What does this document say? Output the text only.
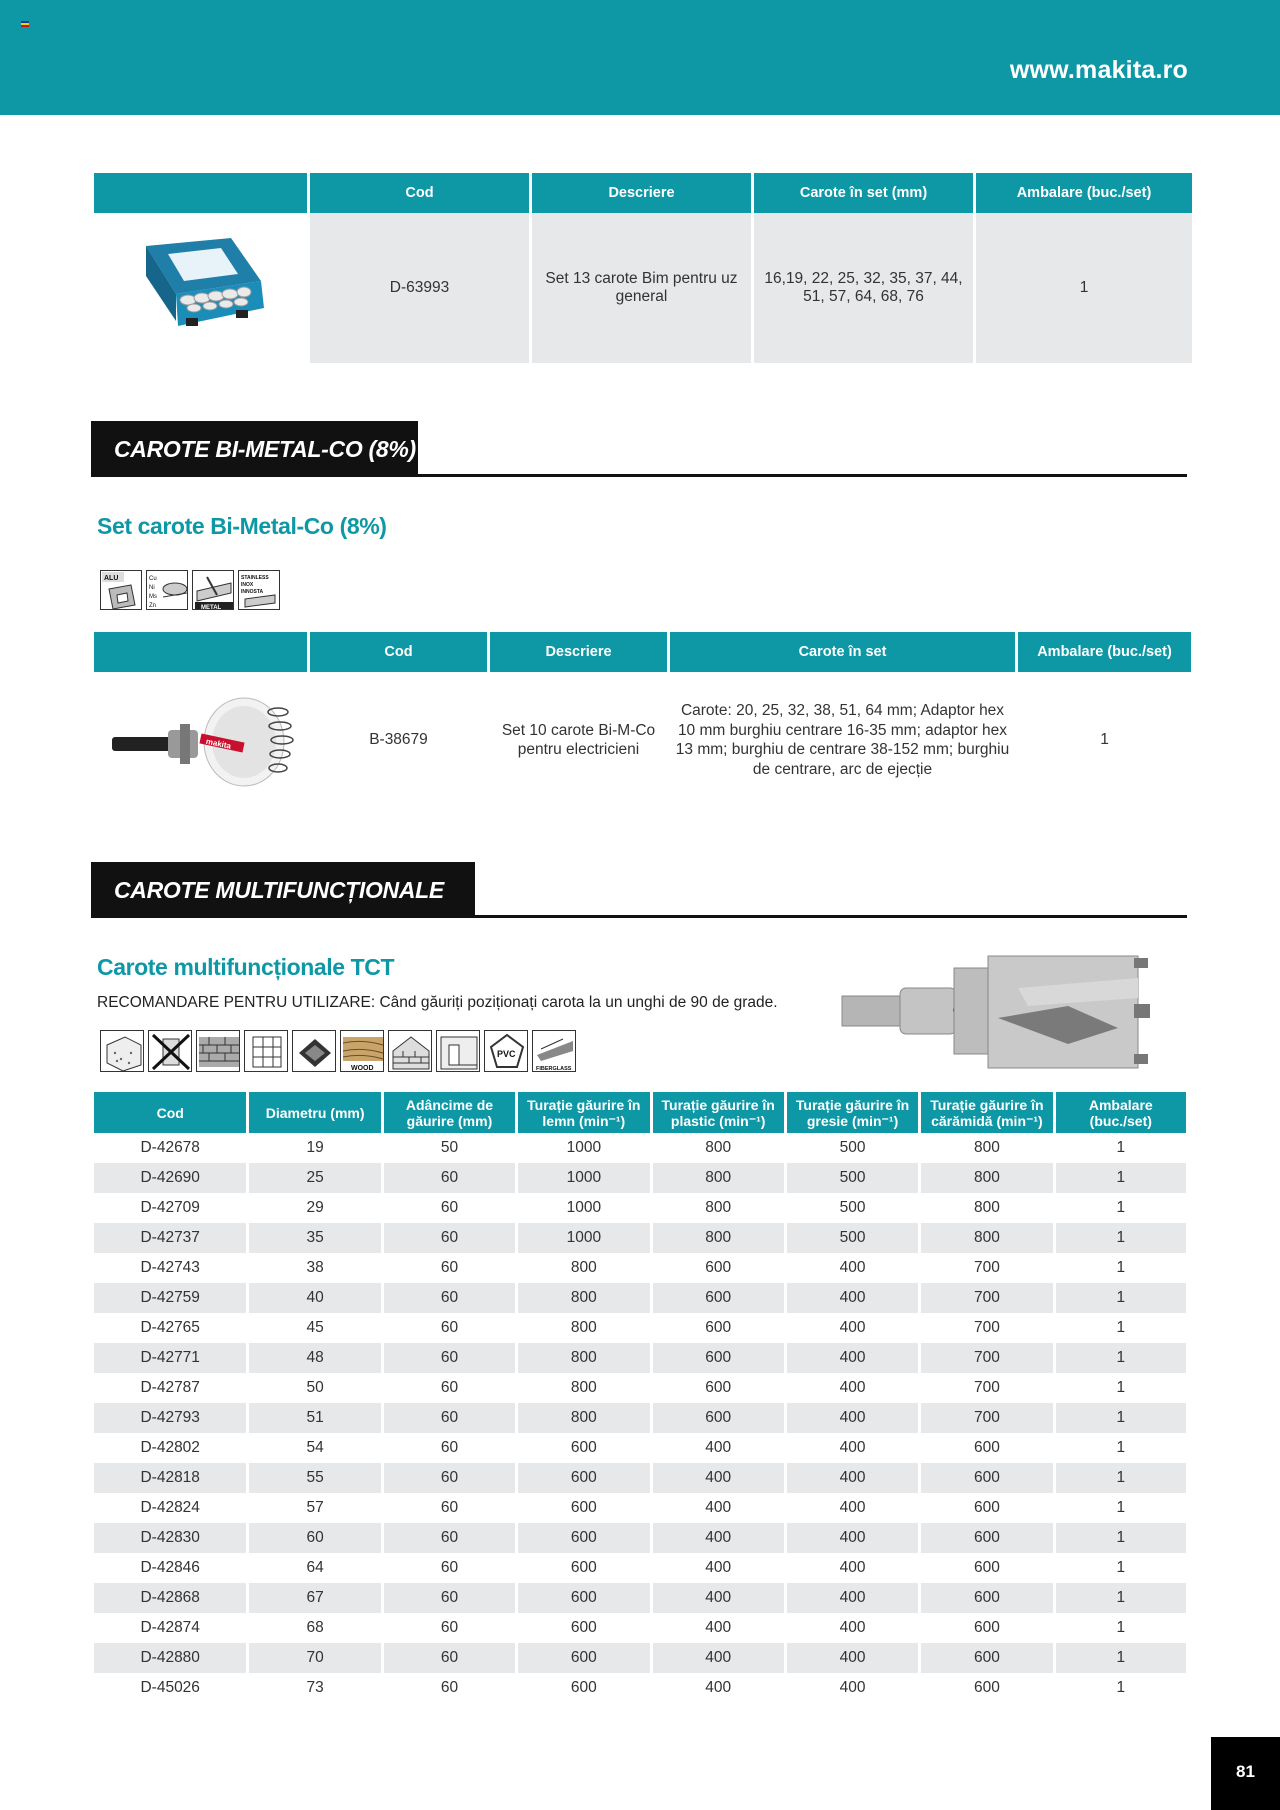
www.makita.ro
	Cod	Descriere	Carote în set (mm)	Ambalare (buc./set)
	D-63993	Set 13 carote Bim pentru uz general	16,19, 22, 25, 32, 35, 37, 44, 51, 57, 64, 68, 76	1
CAROTE BI-METAL-CO (8%)
Set carote Bi-Metal-Co (8%)
ALU	Cu
Ni
Ms
Zn	METAL
STAINLESS
INOX
INNOSTA
	Cod	Descriere	Carote în set	Ambalare (buc./set)

makita	B-38679	Set 10 carote Bi-M-Co pentru electricieni	Carote: 20, 25, 32, 38, 51, 64 mm; Adaptor hex 10 mm burghiu centrare 16-35 mm; adaptor hex 13 mm; burghiu de centrare 38-152 mm; burghiu de centrare, arc de ejecție	1
CAROTE MULTIFUNCȚIONALE TCT
Carote multifuncționale TCT
RECOMANDARE PENTRU UTILIZARE: Când găuriți poziționați carota la un unghi de 90 de grade.
WOOD
PVC
FIBERGLASS
Cod	Diametru (mm)	Adâncime de găurire (mm)	Turație găurire în lemn (min⁻¹)	Turație găurire în plastic (min⁻¹)	Turație găurire în gresie (min⁻¹)	Turație găurire în cărămidă (min⁻¹)	Ambalare (buc./set)
D-42678	19	50	1000	800	500	800	1
D-42690	25	60	1000	800	500	800	1
D-42709	29	60	1000	800	500	800	1
D-42737	35	60	1000	800	500	800	1
D-42743	38	60	800	600	400	700	1
D-42759	40	60	800	600	400	700	1
D-42765	45	60	800	600	400	700	1
D-42771	48	60	800	600	400	700	1
D-42787	50	60	800	600	400	700	1
D-42793	51	60	800	600	400	700	1
D-42802	54	60	600	400	400	600	1
D-42818	55	60	600	400	400	600	1
D-42824	57	60	600	400	400	600	1
D-42830	60	60	600	400	400	600	1
D-42846	64	60	600	400	400	600	1
D-42868	67	60	600	400	400	600	1
D-42874	68	60	600	400	400	600	1
D-42880	70	60	600	400	400	600	1
D-45026	73	60	600	400	400	600	1
81
